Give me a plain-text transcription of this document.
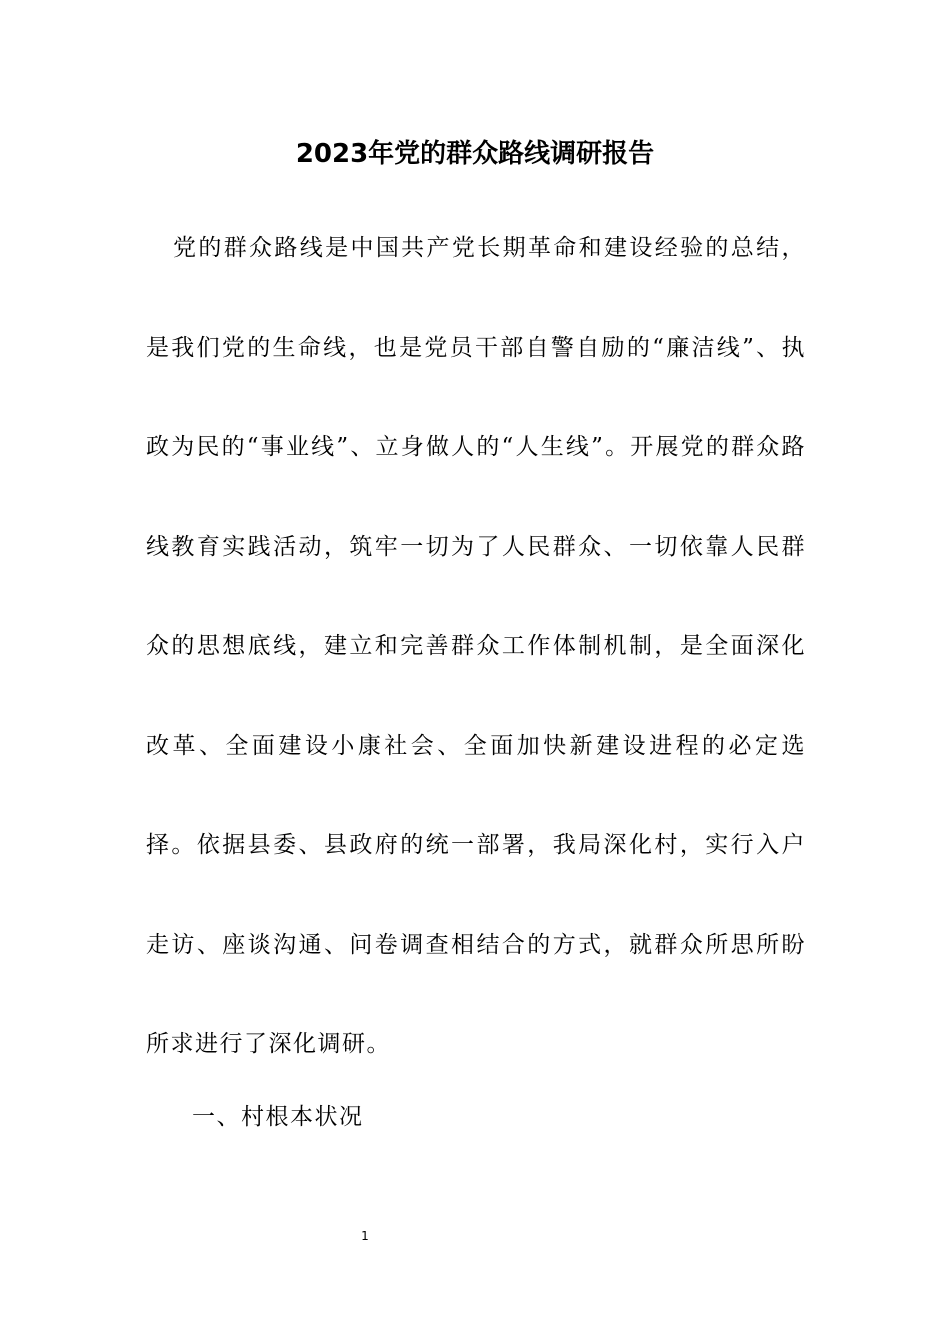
2023年党的群众路线调研报告

党的群众路线是中国共产党长期革命和建设经验的总结，是我们党的生命线，也是党员干部自警自励的“廉洁线”、执政为民的“事业线”、立身做人的“人生线”。开展党的群众路线教育实践活动，筑牢一切为了人民群众、一切依靠人民群众的思想底线，建立和完善群众工作体制机制，是全面深化改革、全面建设小康社会、全面加快新建设进程的必定选择。依据县委、县政府的统一部署，我局深化村，实行入户走访、座谈沟通、问卷调查相结合的方式，就群众所思所盼所求进行了深化调研。

一、村根本状况

1
